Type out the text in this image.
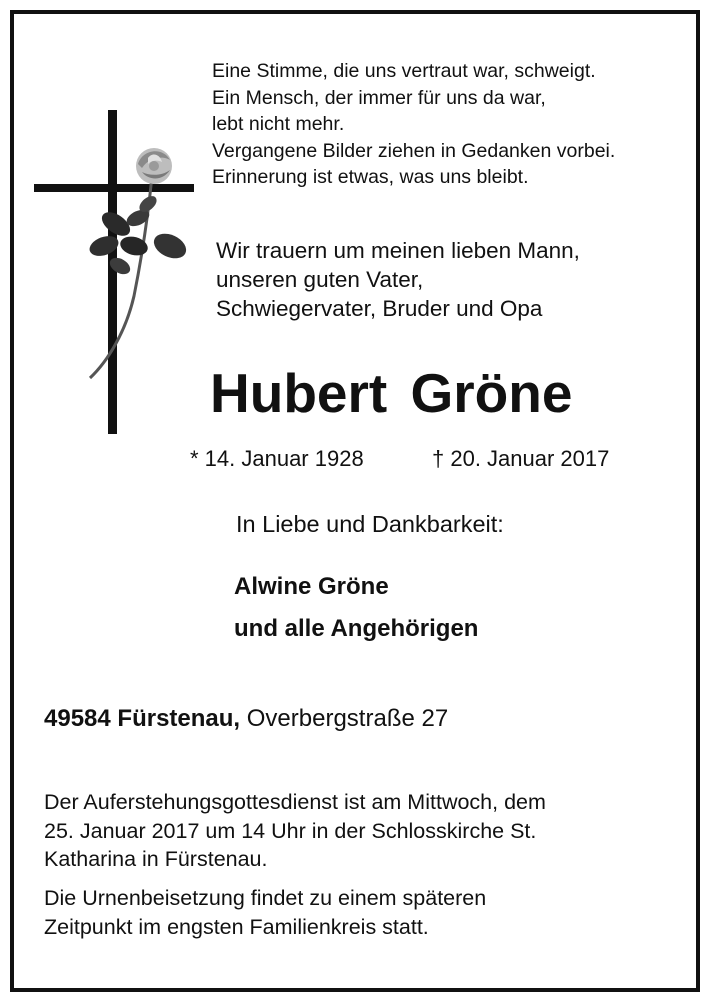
Eine Stimme, die uns vertraut war, schweigt.
Ein Mensch, der immer für uns da war,
lebt nicht mehr.
Vergangene Bilder ziehen in Gedanken vorbei.
Erinnerung ist etwas, was uns bleibt.
Wir trauern um meinen lieben Mann,
unseren guten Vater,
Schwiegervater, Bruder und Opa
Hubert Gröne
* 14. Januar 1928	† 20. Januar 2017
In Liebe und Dankbarkeit:
Alwine Gröne
und alle Angehörigen
49584 Fürstenau, Overbergstraße 27
Der Auferstehungsgottesdienst ist am Mittwoch, dem
25. Januar 2017 um 14 Uhr in der Schlosskirche St.
Katharina in Fürstenau.
Die Urnenbeisetzung findet zu einem späteren
Zeitpunkt im engsten Familienkreis statt.
